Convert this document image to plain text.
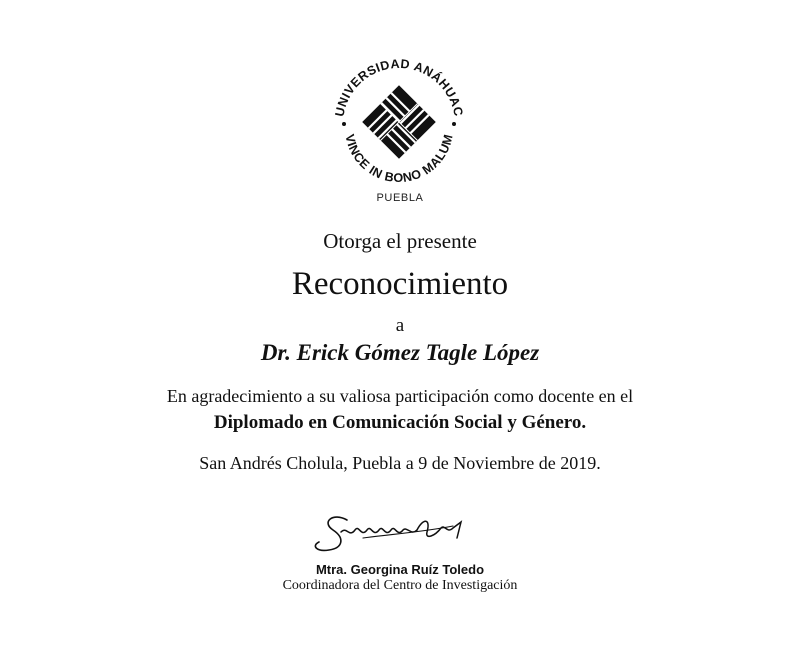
UNIVERSIDAD ANÁHUAC
VINCE IN BONO MALUM
PUEBLA
Otorga el presente
Reconocimiento
a
Dr. Erick Gómez Tagle López
En agradecimiento a su valiosa participación como docente en el
Diplomado en Comunicación Social y Género.
San Andrés Cholula, Puebla a 9 de Noviembre de 2019.
Mtra. Georgina Ruíz Toledo
Coordinadora del Centro de Investigación
